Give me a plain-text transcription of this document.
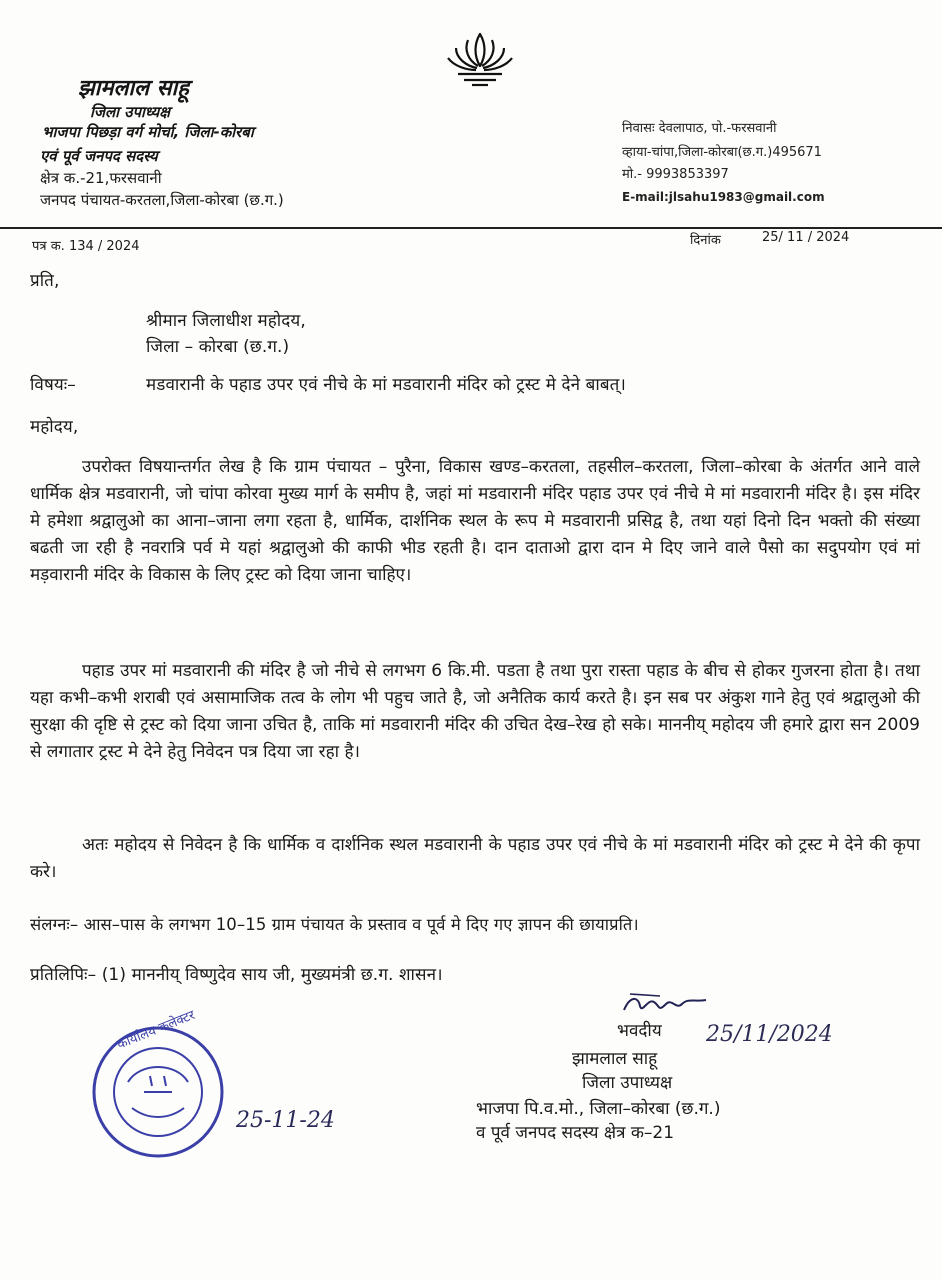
झामलाल साहू
जिला उपाध्यक्ष
भाजपा पिछड़ा वर्ग मोर्चा, जिला-कोरबा
एवं पूर्व जनपद सदस्य
क्षेत्र क.-21,फरसवानी
जनपद पंचायत-करतला,जिला-कोरबा (छ.ग.)
निवासः देवलापाठ, पो.-फरसवानी
व्हाया-चांपा,जिला-कोरबा(छ.ग.)495671
मो.- 9993853397
E-mail:jlsahu1983@gmail.com
पत्र क. 134 / 2024	दिनांक	25/ 11 / 2024
प्रति,
श्रीमान जिलाधीश महोदय,
जिला – कोरबा (छ.ग.)
विषयः–	मडवारानी के पहाड उपर एवं नीचे के मां मडवारानी मंदिर को ट्रस्ट मे देने बाबत्।
महोदय,

उपरोक्त विषयान्तर्गत लेख है कि ग्राम पंचायत – पुरैना, विकास खण्ड–करतला, तहसील–करतला, जिला–कोरबा के अंतर्गत आने वाले धार्मिक क्षेत्र मडवारानी, जो चांपा कोरवा मुख्य मार्ग के समीप है, जहां मां मडवारानी मंदिर पहाड उपर एवं नीचे मे मां मडवारानी मंदिर है। इस मंदिर मे हमेशा श्रद्वालुओ का आना–जाना लगा रहता है, धार्मिक, दार्शनिक स्थल के रूप मे मडवारानी प्रसिद्व है, तथा यहां दिनो दिन भक्तो की संख्या बढती जा रही है नवरात्रि पर्व मे यहां श्रद्वालुओ की काफी भीड रहती है। दान दाताओ द्वारा दान मे दिए जाने वाले पैसो का सदुपयोग एवं मां मड़वारानी मंदिर के विकास के लिए ट्रस्ट को दिया जाना चाहिए।

पहाड उपर मां मडवारानी की मंदिर है जो नीचे से लगभग 6 कि.मी. पडता है तथा पुरा रास्ता पहाड के बीच से होकर गुजरना होता है। तथा यहा कभी–कभी शराबी एवं असामाजिक तत्व के लोग भी पहुच जाते है, जो अनैतिक कार्य करते है। इन सब पर अंकुश गाने हेतु एवं श्रद्वालुओ की सुरक्षा की दृष्टि से ट्रस्ट को दिया जाना उचित है, ताकि मां मडवारानी मंदिर की उचित देख–रेख हो सके। माननीय् महोदय जी हमारे द्वारा सन 2009 से लगातार ट्रस्ट मे देने हेतु निवेदन पत्र दिया जा रहा है।

अतः महोदय से निवेदन है कि धार्मिक व दार्शनिक स्थल मडवारानी के पहाड उपर एवं नीचे के मां मडवारानी मंदिर को ट्रस्ट मे देने की कृपा करे।

संलग्नः– आस–पास के लगभग 10–15 ग्राम पंचायत के प्रस्ताव व पूर्व मे दिए गए ज्ञापन की छायाप्रति।
प्रतिलिपिः– (1) माननीय् विष्णुदेव साय जी, मुख्यमंत्री छ.ग. शासन।
भवदीय 25/11/2024
झामलाल साहू
जिला उपाध्यक्ष
भाजपा पि.व.मो., जिला–कोरबा (छ.ग.)
व पूर्व जनपद सदस्य क्षेत्र क–21
कार्यालय कलेक्टर
25-11-24
